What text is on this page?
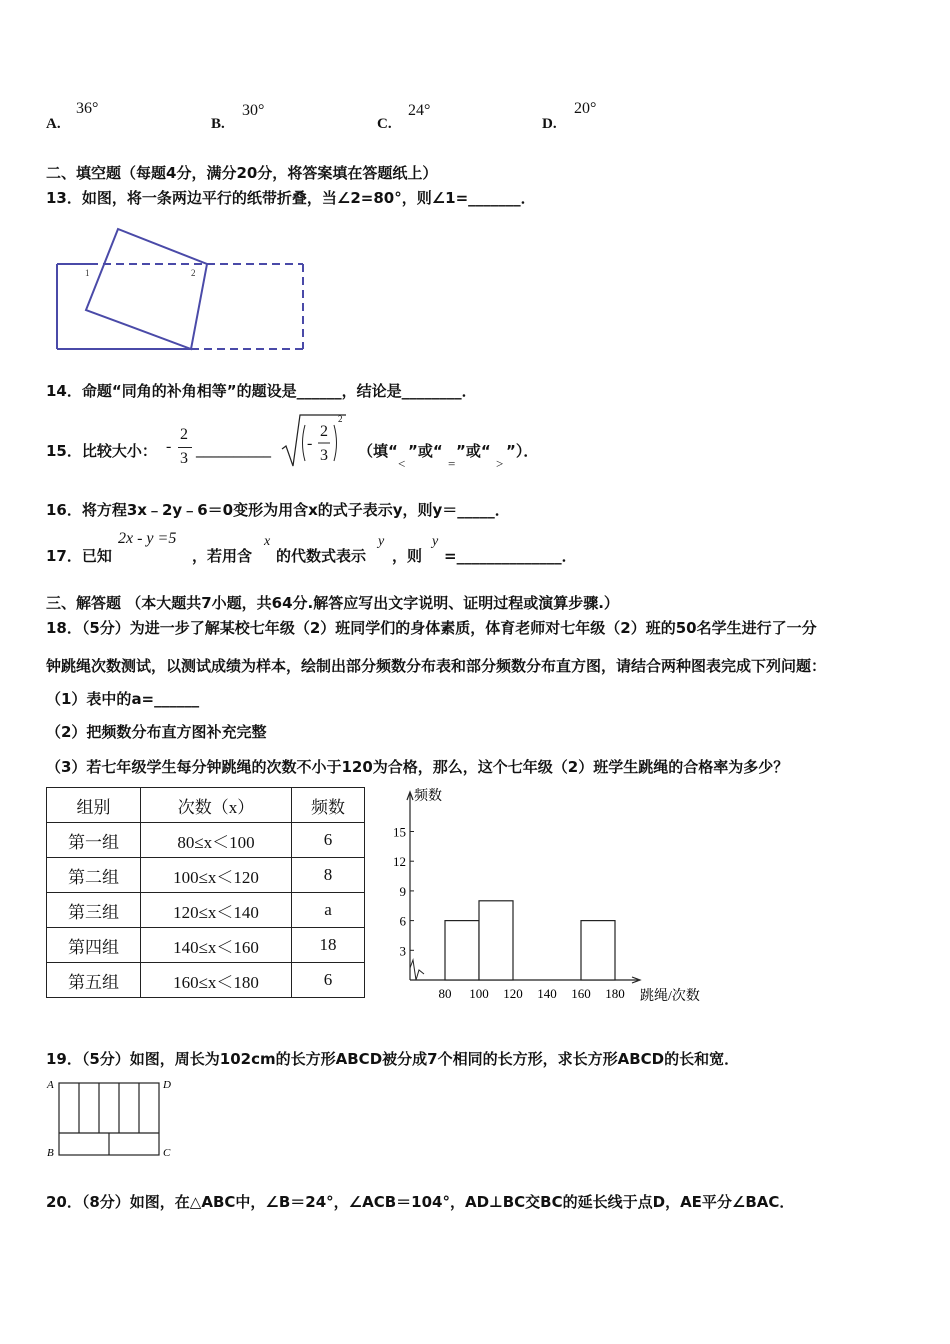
A.
36°
B.
30°
C.
24°
D.
20°
二、填空题（每题4分，满分20分，将答案填在答题纸上）
13．如图，将一条两边平行的纸带折叠，当∠2=80°，则∠1=_______．
1	2
14．命题“同角的补角相等”的题设是______，结论是________．
15．比较大小： -
2
3
__________ -
2
3
2
（填“ ”或“ ”或“ ”）．
<	=	>
16．将方程3x﹣2y﹣6＝0变形为用含x的式子表示y，则y＝_____．
17．已知
2x - y =5
，若用含
x
的代数式表示
y
，则
y
=______________．
三、解答题 （本大题共7小题，共64分.解答应写出文字说明、证明过程或演算步骤.）
18．（5分）为进一步了解某校七年级（2）班同学们的身体素质，体育老师对七年级（2）班的50名学生进行了一分
钟跳绳次数测试，以测试成绩为样本，绘制出部分频数分布表和部分频数分布直方图，请结合两种图表完成下列问题：
（1）表中的a=______
（2）把频数分布直方图补充完整
（3）若七年级学生每分钟跳绳的次数不小于120为合格，那么，这个七年级（2）班学生跳绳的合格率为多少？
组别	次数（x）	频数
第一组	80≤x＜100	6
第二组	100≤x＜120	8
第三组	120≤x＜140	a
第四组	140≤x＜160	18
第五组	160≤x＜180	6
3
6
9
12
15
80 100 120 140 160 180
频数
跳绳/次数
19．（5分）如图，周长为102cm的长方形ABCD被分成7个相同的长方形，求长方形ABCD的长和宽．
A	D
B	C
20．（8分）如图，在△ABC中，∠B＝24°，∠ACB＝104°，AD⊥BC交BC的延长线于点D，AE平分∠BAC．
